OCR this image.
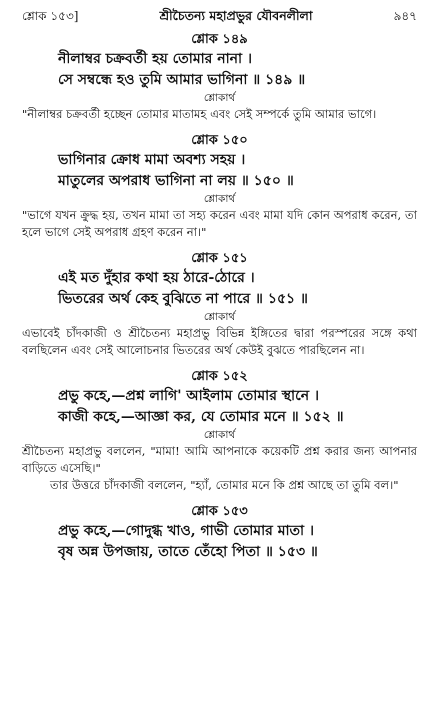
শ্লোক ১৫৩]	শ্রীচৈতন্য মহাপ্রভুর যৌবনলীলা	৯৪৭
শ্লোক ১৪৯
নীলাম্বর চক্রবর্তী হয় তোমার নানা ।
সে সম্বন্ধে হও তুমি আমার ভাগিনা ॥ ১৪৯ ॥
শ্লোকার্থ
"নীলাম্বর চক্রবর্তী হচ্ছেন তোমার মাতামহ এবং সেই সম্পর্কে তুমি আমার ভাগে।
শ্লোক ১৫০
ভাগিনার ক্রোধ মামা অবশ্য সহয় ।
মাতুলের অপরাধ ভাগিনা না লয় ॥ ১৫০ ॥
শ্লোকার্থ
"ভাগে যখন ক্রুদ্ধ হয়, তখন মামা তা সহ্য করেন এবং মামা যদি কোন অপরাধ করেন, তা হলে ভাগে সেই অপরাধ গ্রহণ করেন না।"
শ্লোক ১৫১
এই মত দুঁহার কথা হয় ঠারে-ঠোরে ।
ভিতরের অর্থ কেহ বুঝিতে না পারে ॥ ১৫১ ॥
শ্লোকার্থ
এভাবেই চাঁদকাজী ও শ্রীচৈতন্য মহাপ্রভু বিভিন্ন ইঙ্গিতের দ্বারা পরস্পরের সঙ্গে কথা বলছিলেন এবং সেই আলোচনার ভিতরের অর্থ কেউই বুঝতে পারছিলেন না।
শ্লোক ১৫২
প্রভু কহে,—প্রশ্ন লাগি' আইলাম তোমার স্থানে ।
কাজী কহে,—আজ্ঞা কর, যে তোমার মনে ॥ ১৫২ ॥
শ্লোকার্থ
শ্রীচৈতন্য মহাপ্রভু বললেন, "মামা! আমি আপনাকে কয়েকটি প্রশ্ন করার জন্য আপনার বাড়িতে এসেছি।"
তার উত্তরে চাঁদকাজী বললেন, "হ্যাঁ, তোমার মনে কি প্রশ্ন আছে তা তুমি বল।"
শ্লোক ১৫৩
প্রভু কহে,—গোদুগ্ধ খাও, গাভী তোমার মাতা ।
বৃষ অন্ন উপজায়, তাতে তেঁহো পিতা ॥ ১৫৩ ॥
